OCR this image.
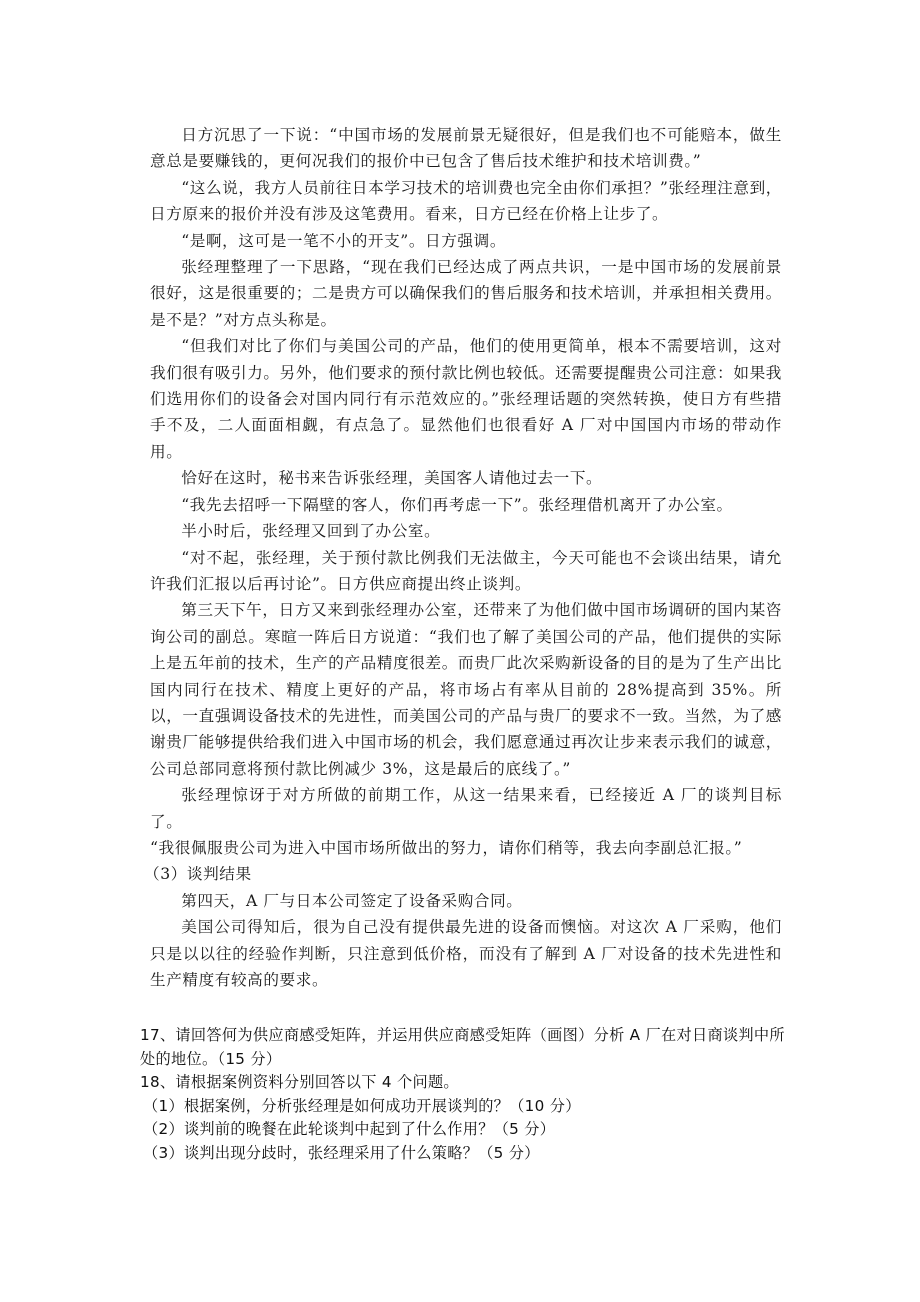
日方沉思了一下说：“中国市场的发展前景无疑很好，但是我们也不可能赔本，做生意总是要赚钱的，更何况我们的报价中已包含了售后技术维护和技术培训费。”

“这么说，我方人员前往日本学习技术的培训费也完全由你们承担？”张经理注意到，日方原来的报价并没有涉及这笔费用。看来，日方已经在价格上让步了。

“是啊，这可是一笔不小的开支”。日方强调。

张经理整理了一下思路，“现在我们已经达成了两点共识，一是中国市场的发展前景很好，这是很重要的；二是贵方可以确保我们的售后服务和技术培训，并承担相关费用。是不是？”对方点头称是。

“但我们对比了你们与美国公司的产品，他们的使用更简单，根本不需要培训，这对我们很有吸引力。另外，他们要求的预付款比例也较低。还需要提醒贵公司注意：如果我们选用你们的设备会对国内同行有示范效应的。”张经理话题的突然转换，使日方有些措手不及，二人面面相觑，有点急了。显然他们也很看好 A 厂对中国国内市场的带动作用。

恰好在这时，秘书来告诉张经理，美国客人请他过去一下。

“我先去招呼一下隔壁的客人，你们再考虑一下”。张经理借机离开了办公室。

半小时后，张经理又回到了办公室。

“对不起，张经理，关于预付款比例我们无法做主，今天可能也不会谈出结果，请允许我们汇报以后再讨论”。日方供应商提出终止谈判。

第三天下午，日方又来到张经理办公室，还带来了为他们做中国市场调研的国内某咨询公司的副总。寒暄一阵后日方说道：“我们也了解了美国公司的产品，他们提供的实际上是五年前的技术，生产的产品精度很差。而贵厂此次采购新设备的目的是为了生产出比国内同行在技术、精度上更好的产品，将市场占有率从目前的 28%提高到 35%。所以，一直强调设备技术的先进性，而美国公司的产品与贵厂的要求不一致。当然，为了感谢贵厂能够提供给我们进入中国市场的机会，我们愿意通过再次让步来表示我们的诚意，公司总部同意将预付款比例减少 3%，这是最后的底线了。”

张经理惊讶于对方所做的前期工作，从这一结果来看，已经接近 A 厂的谈判目标了。

“我很佩服贵公司为进入中国市场所做出的努力，请你们稍等，我去向李副总汇报。”

（3）谈判结果

第四天，A 厂与日本公司签定了设备采购合同。

美国公司得知后，很为自己没有提供最先进的设备而懊恼。对这次 A 厂采购，他们只是以以往的经验作判断，只注意到低价格，而没有了解到 A 厂对设备的技术先进性和生产精度有较高的要求。

17、请回答何为供应商感受矩阵，并运用供应商感受矩阵（画图）分析 A 厂在对日商谈判中所处的地位。（15 分）

18、请根据案例资料分别回答以下 4 个问题。

（1）根据案例，分析张经理是如何成功开展谈判的？（10 分）

（2）谈判前的晚餐在此轮谈判中起到了什么作用？（5 分）

（3）谈判出现分歧时，张经理采用了什么策略？（5 分）
